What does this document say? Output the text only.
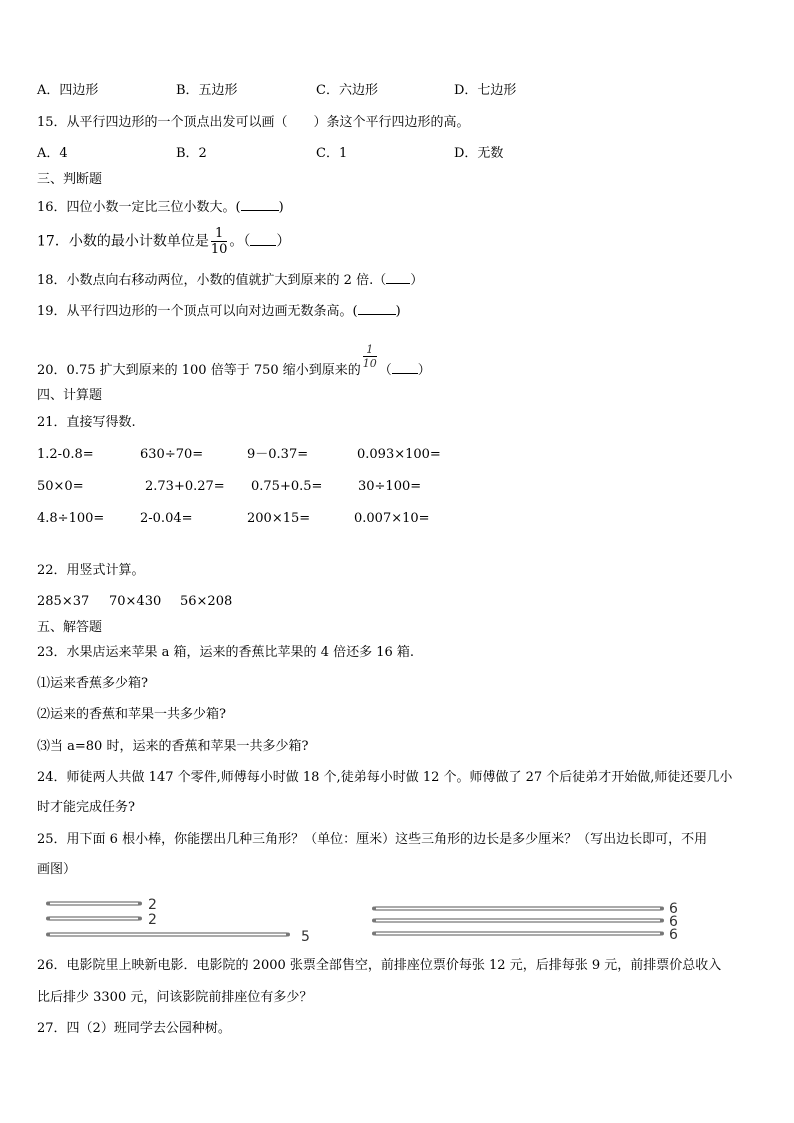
A．四边形	B．五边形	C．六边形	D．七边形
15．从平行四边形的一个顶点出发可以画（　　）条这个平行四边形的高。
A．4	B．2	C．1	D．无数
三、判断题
16．四位小数一定比三位小数大。(	)
17．小数的最小计数单位是 $\frac{1}{10}$ 。（ ）
18．小数点向右移动两位，小数的值就扩大到原来的 2 倍.（ ）
19．从平行四边形的一个顶点可以向对边画无数条高。(	)
20．0.75 扩大到原来的 100 倍等于 750 缩小到原来的
$\frac{1}{10}$
（ ）
四、计算题
21．直接写得数.
1.2-0.8=	630÷70=	9－0.37=	0.093×100=
50×0=	2.73+0.27= 0.75+0.5=	30÷100=
4.8÷100=	2-0.04=	200×15=	0.007×10=
22．用竖式计算。
285×37 70×430 56×208
五、解答题
23．水果店运来苹果 a 箱，运来的香蕉比苹果的 4 倍还多 16 箱.
⑴运来香蕉多少箱?
⑵运来的香蕉和苹果一共多少箱?
⑶当 a=80 时，运来的香蕉和苹果一共多少箱?
24．师徒两人共做 147 个零件,师傅每小时做 18 个,徒弟每小时做 12 个。师傅做了 27 个后徒弟才开始做,师徒还要几小
时才能完成任务?
25．用下面 6 根小棒，你能摆出几种三角形？（单位：厘米）这些三角形的边长是多少厘米？（写出边长即可，不用
画图）
2
2
5
6
6
6
26．电影院里上映新电影．电影院的 2000 张票全部售空，前排座位票价每张 12 元，后排每张 9 元，前排票价总收入
比后排少 3300 元，问该影院前排座位有多少？
27．四（2）班同学去公园种树。
